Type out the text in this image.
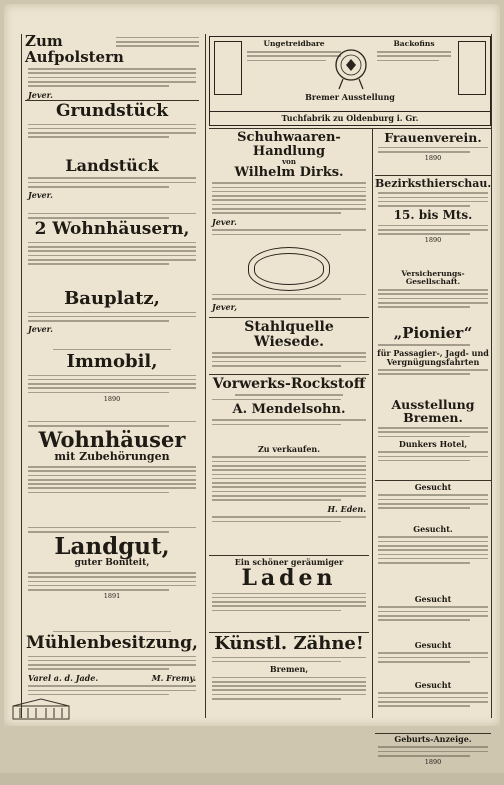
Zum Aufpolstern
Jever.
Grundstück
Landstück
Jever.
2 Wohnhäusern,
Bauplatz,
Jever.
Immobil,
1890
Wohnhäuser
mit Zubehörungen
Landgut,
guter Boniteit,
1891
Mühlenbesitzung,
Varel a. d. Jade.	M. Fremy.
Ungetreidbare	Backofins
Bremer Ausstellung
Tuchfabrik zu Oldenburg i. Gr.
Schuhwaaren-Handlung
von
Wilhelm Dirks.
Jever.
Jever,
Stahlquelle Wiesede.
Vorwerks-Rockstoff
A. Mendelsohn.
Zu verkaufen.
H. Eden.
Ein schöner geräumiger
Laden
Künstl. Zähne!
Bremen,
Frauenverein.
1890
Bezirksthierschau.
15. bis Mts.
1890
Versicherungs-Gesellschaft.
„Pionier“
für Passagier-, Jagd- und Vergnügungsfahrten
Ausstellung Bremen.
Dunkers Hotel,
Gesucht
Gesucht.
Gesucht
Gesucht
Gesucht
Geburts-Anzeige.
1890
